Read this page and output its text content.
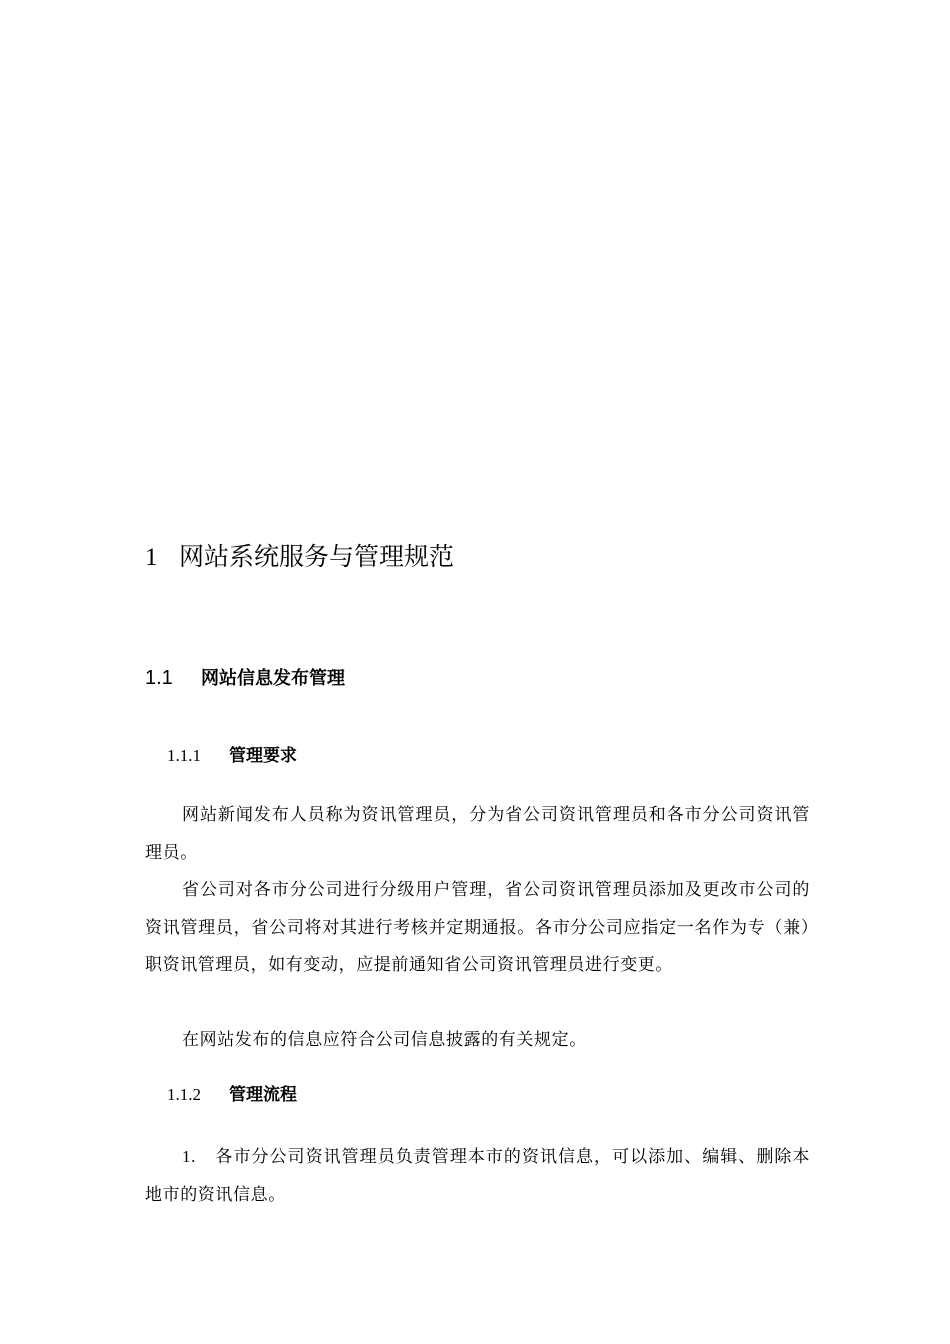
1 网站系统服务与管理规范
1.1 网站信息发布管理
1.1.1 管理要求

网站新闻发布人员称为资讯管理员，分为省公司资讯管理员和各市分公司资讯管理员。

省公司对各市分公司进行分级用户管理，省公司资讯管理员添加及更改市公司的资讯管理员，省公司将对其进行考核并定期通报。各市分公司应指定一名作为专（兼）职资讯管理员，如有变动，应提前通知省公司资讯管理员进行变更。

在网站发布的信息应符合公司信息披露的有关规定。

1.1.2 管理流程

1. 各市分公司资讯管理员负责管理本市的资讯信息，可以添加、编辑、删除本地市的资讯信息。
